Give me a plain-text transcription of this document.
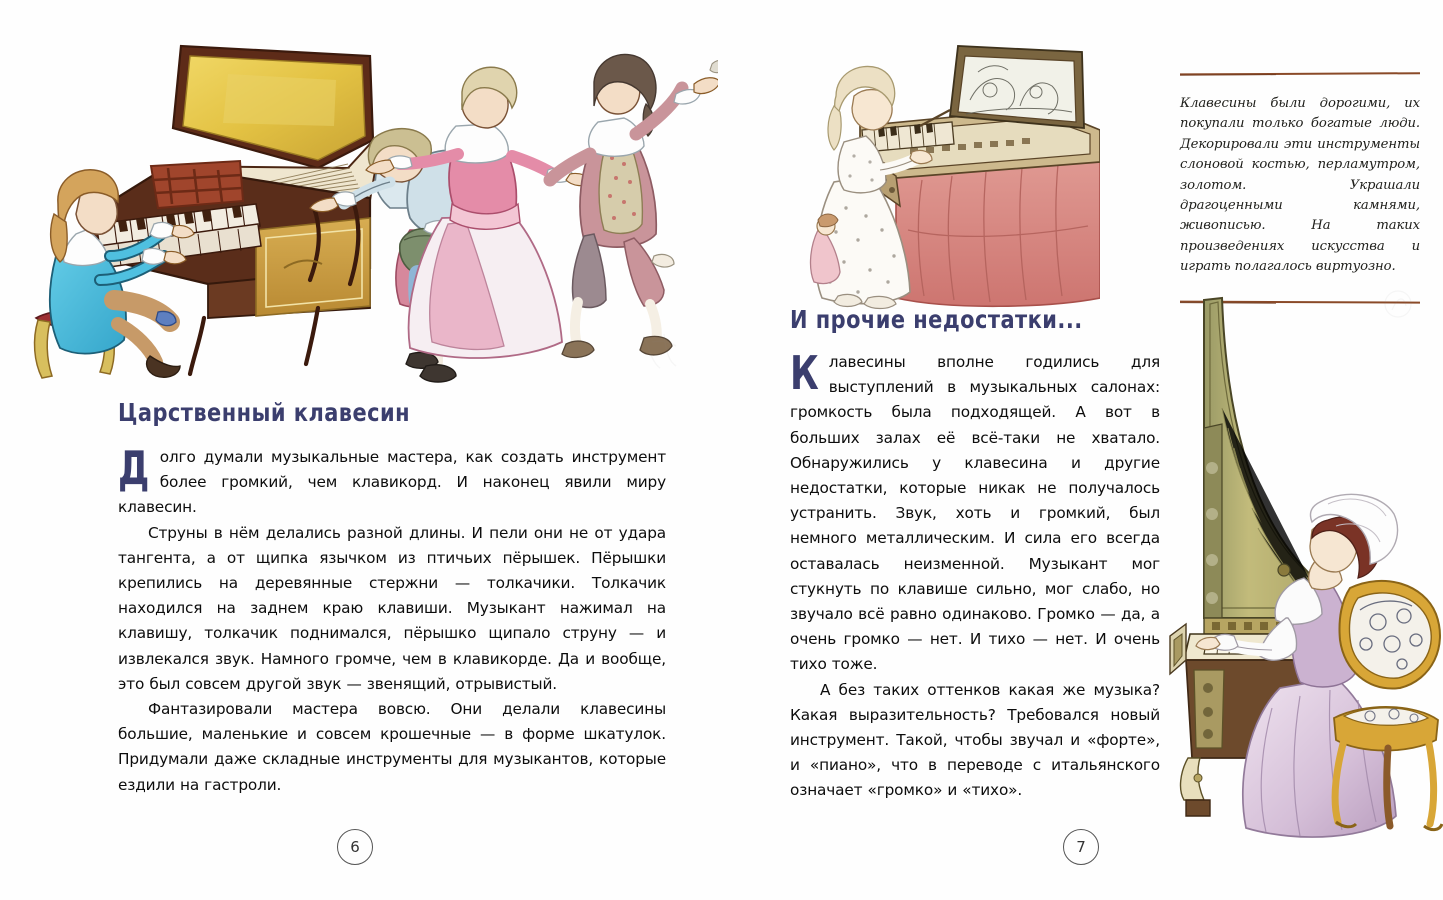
Царственный клавесин

Долго думали музыкальные мастера, как создать инструмент более громкий, чем клавикорд. И наконец явили миру клавесин.

Струны в нём делались разной длины. И пели они не от удара тангента, а от щипка язычком из птичьих пёрышек. Пёрышки крепились на деревянные стержни — толкачики. Толкачик находился на заднем краю клавиши. Музыкант нажимал на клавишу, толкачик поднимался, пёрышко щипало струну — и извлекался звук. Намного громче, чем в клавикорде. Да и вообще, это был совсем другой звук — звенящий, отрывистый.

Фантазировали мастера вовсю. Они делали клавесины большие, маленькие и совсем крошечные — в форме шкатулок. Придумали даже складные инструменты для музыкантов, которые ездили на гастроли.

6
И прочие недостатки...

Клавесины вполне годились для выступлений в музыкальных салонах: громкость была подходящей. А вот в больших залах её всё-таки не хватало. Обнаружились у клавесина и другие недостатки, которые никак не получалось устранить. Звук, хоть и громкий, был немного металлическим. И сила его всегда оставалась неизменной. Музыкант мог стукнуть по клавише сильно, мог слабо, но звучало всё равно одинаково. Громко — да, а очень громко — нет. И тихо — нет. И очень тихо тоже.

А без таких оттенков какая же музыка? Какая выразительность? Требовался новый инструмент. Такой, чтобы звучал и «форте», и «пиано», что в переводе с итальянского означает «громко» и «тихо».

7

Клавесины были дорогими, их покупали только богатые люди. Декорировали эти инструменты слоновой костью, перламутром, золотом. Украшали драгоценными камнями, живописью. На таких произведениях искусства и играть полагалось виртуозно.
